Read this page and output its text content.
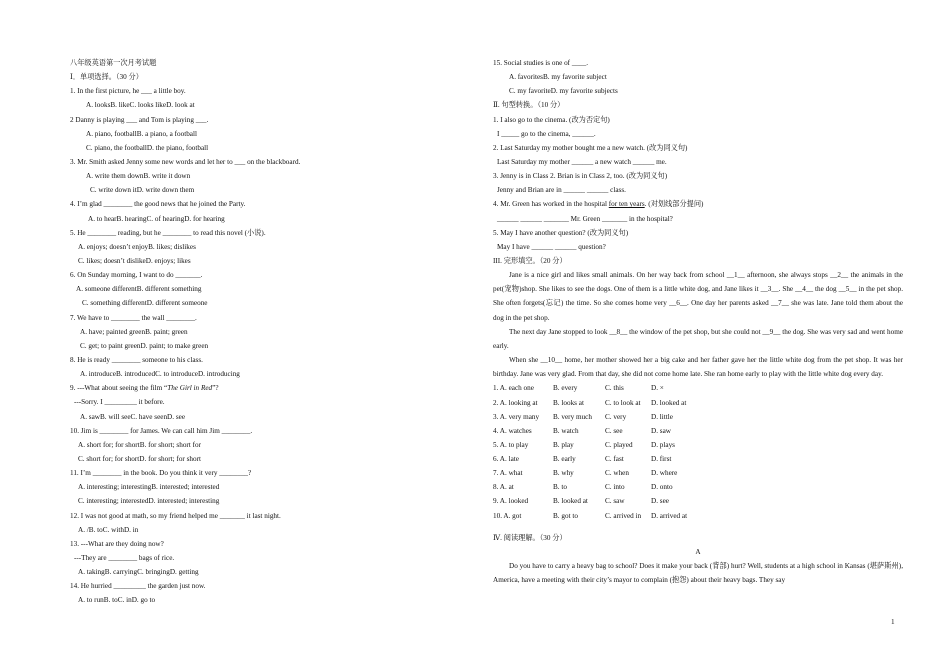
八年级英语第一次月考试题
Ⅰ．单项选择。（30 分）
1. In the first picture, he ___ a little boy.
A. looksB. likeC. looks likeD. look at
2 Danny is playing ___ and Tom is playing ___.
A. piano, footballB. a piano, a football
C. piano, the footballD. the piano, football
3. Mr. Smith asked Jenny some new words and let her to ___ on the blackboard.
A. write them downB. write it down
C. write down itD. write down them
4. I’m glad ________ the good news that he joined the Party.
A. to hearB. hearingC. of hearingD. for hearing
5. He ________ reading, but he ________ to read this novel (小说).
A. enjoys; doesn’t enjoyB. likes; dislikes
C. likes; doesn’t dislikeD. enjoys; likes
6. On Sunday morning, I want to do _______.
A. someone differentB. different something
C. something differentD. different someone
7. We have to ________ the wall ________.
A. have; painted greenB. paint; green
C. get; to paint greenD. paint; to make green
8. He is ready ________ someone to his class.
A. introduceB. introducedC. to introduceD. introducing
9. ---What about seeing the film “The Girl in Red”?
---Sorry. I _________ it before.
A. sawB. will seeC. have seenD. see
10. Jim is ________ for James. We can call him Jim ________.
A. short for; for shortB. for short; short for
C. short for; for shortD. for short; for short
11. I’m ________ in the book. Do you think it very ________?
A. interesting; interestingB. interested; interested
C. interesting; interestedD. interested; interesting
12. I was not good at math, so my friend helped me _______ it last night.
A. /B. toC. withD. in
13. ---What are they doing now?
---They are ________ bags of rice.
A. takingB. carryingC. bringingD. getting
14. He hurried _________ the garden just now.
A. to runB. toC. inD. go to
15. Social studies is one of ____.
A. favoritesB. my favorite subject
C. my favoriteD. my favorite subjects
Ⅱ. 句型转换。（10 分）
1. I also go to the cinema. (改为否定句)
I _____ go to the cinema, ______.
2. Last Saturday my mother bought me a new watch. (改为同义句)
Last Saturday my mother ______ a new watch ______ me.
3. Jenny is in Class 2. Brian is in Class 2, too. (改为同义句)
Jenny and Brian are in ______ ______ class.
4. Mr. Green has worked in the hospital for ten years. (对划线部分提问)
______ ______ _______ Mr. Green _______ in the hospital?
5. May I have another question? (改为同义句)
May I have ______ ______ question?
III. 完形填空。（20 分）
Jane is a nice girl and likes small animals. On her way back from school __1__ afternoon, she always stops __2__ the animals in the pet(宠物)shop. She likes to see the dogs. One of them is a little white dog, and Jane likes it __3__. She __4__ the dog __5__ in the pet shop. She often forgets(忘记) the time. So she comes home very __6__. One day her parents asked __7__ she was late. Jane told them about the dog in the pet shop.
The next day Jane stopped to look __8__ the window of the pet shop, but she could not __9__ the dog. She was very sad and went home early.
When she __10__ home, her mother showed her a big cake and her father gave her the little white dog from the pet shop. It was her birthday. Jane was very glad. From that day, she did not come home late. She ran home early to play with the little white dog every day.
1. A. each one	B. every	C. this	D. ×
2. A. looking at B. looks at	C. to look at D. looked at
3. A. very many B. very much C. very	D. little
4. A. watches	B. watch	C. see	D. saw
5. A. to play	B. play	C. played	D. plays
6. A. late	B. early	C. fast	D. first
7. A. what	B. why	C. when	D. where
8. A. at	B. to	C. into	D. onto
9. A. looked	B. looked at C. saw	D. see
10. A. got	B. got to	C. arrived in D. arrived at
Ⅳ. 阅读理解。（30 分）
A
Do you have to carry a heavy bag to school? Does it make your back (背部) hurt? Well, students at a high school in Kansas (堪萨斯州), America, have a meeting with their city’s mayor to complain (抱怨) about their heavy bags. They say
1
